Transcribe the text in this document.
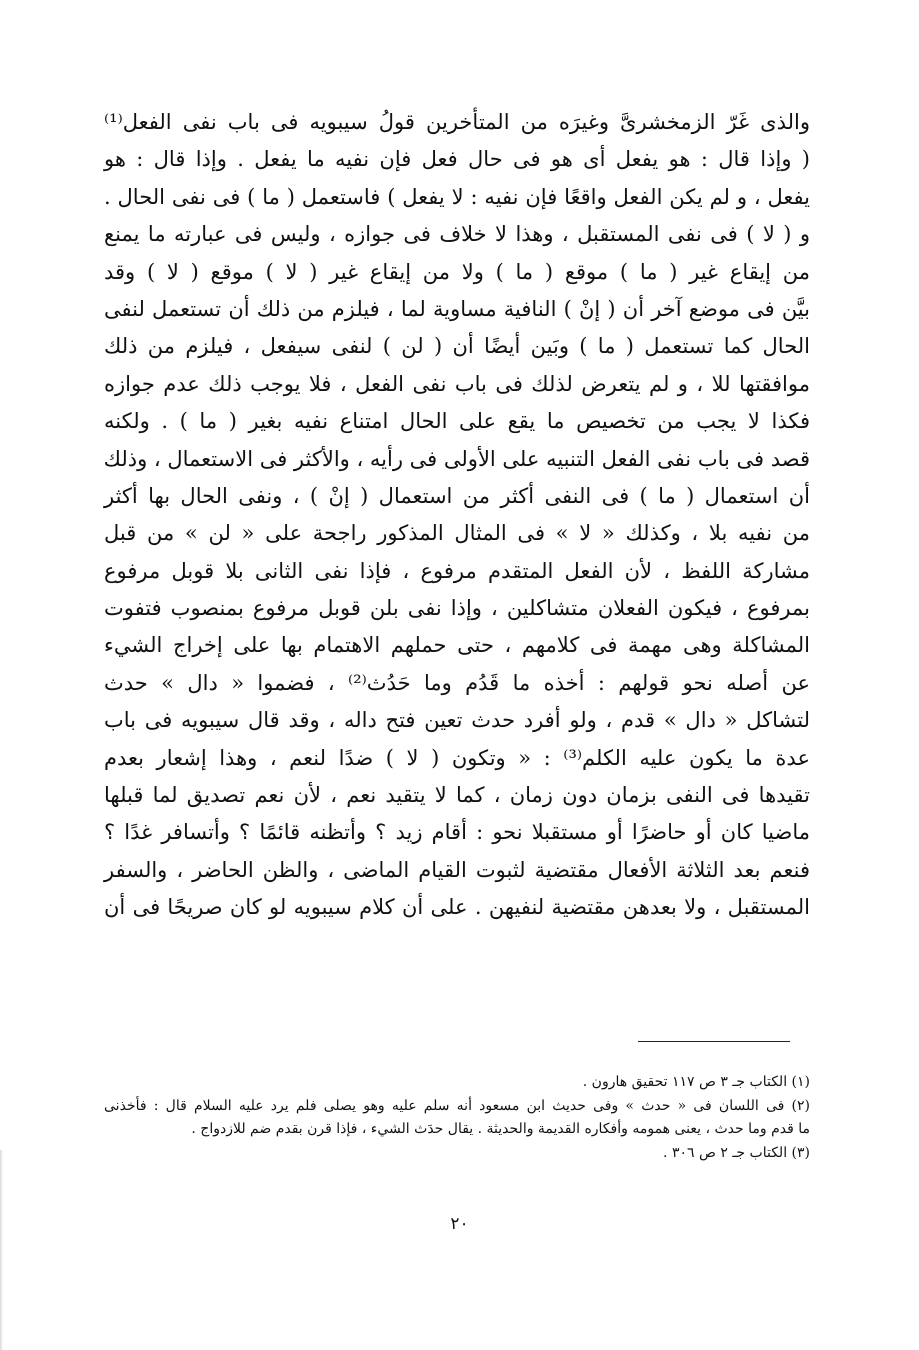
والذى غَرّ الزمخشرىَّ وغيرَه من المتأخرين قولُ سيبويه فى باب نفى الفعل⁽¹⁾
( وإذا قال : هو يفعل أى هو فى حال فعل فإن نفيه ما يفعل . وإذا قال : هو
يفعل ، و لم يكن الفعل واقعًا فإن نفيه : لا يفعل ) فاستعمل ( ما ) فى نفى الحال .
و ( لا ) فى نفى المستقبل ، وهذا لا خلاف فى جوازه ، وليس فى عبارته ما يمنع
من إيقاع غير ( ما ) موقع ( ما ) ولا من إيقاع غير ( لا ) موقع ( لا ) وقد
بيَّن فى موضع آخر أن ( إنْ ) النافية مساوية لما ، فيلزم من ذلك أن تستعمل لنفى
الحال كما تستعمل ( ما ) وبَين أيضًا أن ( لن ) لنفى سيفعل ، فيلزم من ذلك
موافقتها للا ، و لم يتعرض لذلك فى باب نفى الفعل ، فلا يوجب ذلك عدم جوازه
فكذا لا يجب من تخصيص ما يقع على الحال امتناع نفيه بغير ( ما ) . ولكنه
قصد فى باب نفى الفعل التنبيه على الأولى فى رأيه ، والأكثر فى الاستعمال ، وذلك
أن استعمال ( ما ) فى النفى أكثر من استعمال ( إنْ ) ، ونفى الحال بها أكثر
من نفيه بلا ، وكذلك « لا » فى المثال المذكور راجحة على « لن » من قبل
مشاركة اللفظ ، لأن الفعل المتقدم مرفوع ، فإذا نفى الثانى بلا قوبل مرفوع
بمرفوع ، فيكون الفعلان متشاكلين ، وإذا نفى بلن قوبل مرفوع بمنصوب فتفوت
المشاكلة وهى مهمة فى كلامهم ، حتى حملهم الاهتمام بها على إخراج الشيء
عن أصله نحو قولهم : أخذه ما قَدُم وما حَدُث⁽²⁾ ، فضموا « دال » حدث
لتشاكل « دال » قدم ، ولو أفرد حدث تعين فتح داله ، وقد قال سيبويه فى باب
عدة ما يكون عليه الكلم⁽³⁾ : « وتكون ( لا ) ضدًا لنعم ، وهذا إشعار بعدم
تقيدها فى النفى بزمان دون زمان ، كما لا يتقيد نعم ، لأن نعم تصديق لما قبلها
ماضيا كان أو حاضرًا أو مستقبلا نحو : أقام زيد ؟ وأتظنه قائمًا ؟ وأتسافر غدًا ؟
فنعم بعد الثلاثة الأفعال مقتضية لثبوت القيام الماضى ، والظن الحاضر ، والسفر
المستقبل ، ولا بعدهن مقتضية لنفيهن . على أن كلام سيبويه لو كان صريحًا فى أن
(١) الكتاب جـ ٣ ص ١١٧ تحقيق هارون .
(٢) فى اللسان فى « حدث » وفى حديث ابن مسعود أنه سلم عليه وهو يصلى فلم يرد عليه السلام قال : فأخذنى
ما قدم وما حدث ، يعنى همومه وأفكاره القديمة والحديثة . يقال حدَث الشيء ، فإذا قرن بقدم ضم للازدواج .
(٣) الكتاب جـ ٢ ص ٣٠٦ .
٢٠
